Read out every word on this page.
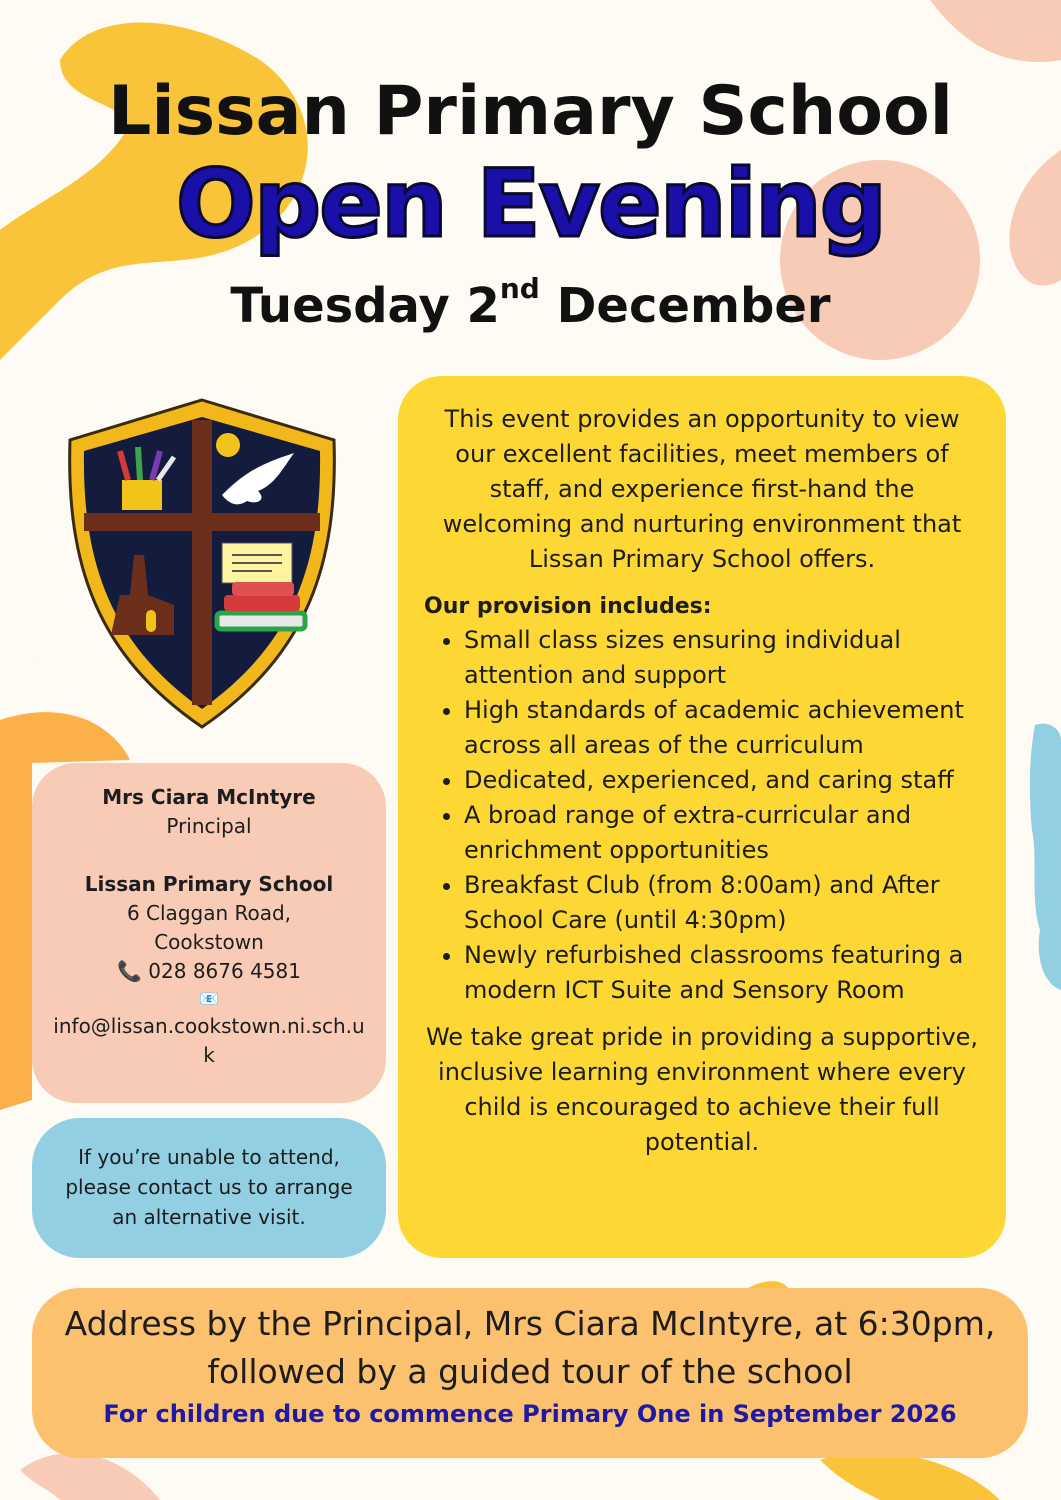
Lissan Primary School
Open Evening
Tuesday 2nd December

This event provides an opportunity to view our excellent facilities, meet members of staff, and experience first-hand the welcoming and nurturing environment that Lissan Primary School offers.

Our provision includes:

• Small class sizes ensuring individual attention and support
• High standards of academic achievement across all areas of the curriculum
• Dedicated, experienced, and caring staff
• A broad range of extra-curricular and enrichment opportunities
• Breakfast Club (from 8:00am) and After School Care (until 4:30pm)
• Newly refurbished classrooms featuring a modern ICT Suite and Sensory Room

We take great pride in providing a supportive, inclusive learning environment where every child is encouraged to achieve their full potential.

Mrs Ciara McIntyre
Principal
Lissan Primary School
6 Claggan Road,
Cookstown
📞 028 8676 4581
📧
info@lissan.cookstown.ni.sch.uk
If you’re unable to attend, please contact us to arrange an alternative visit.

Address by the Principal, Mrs Ciara McIntyre, at 6:30pm, followed by a guided tour of the school

For children due to commence Primary One in September 2026
